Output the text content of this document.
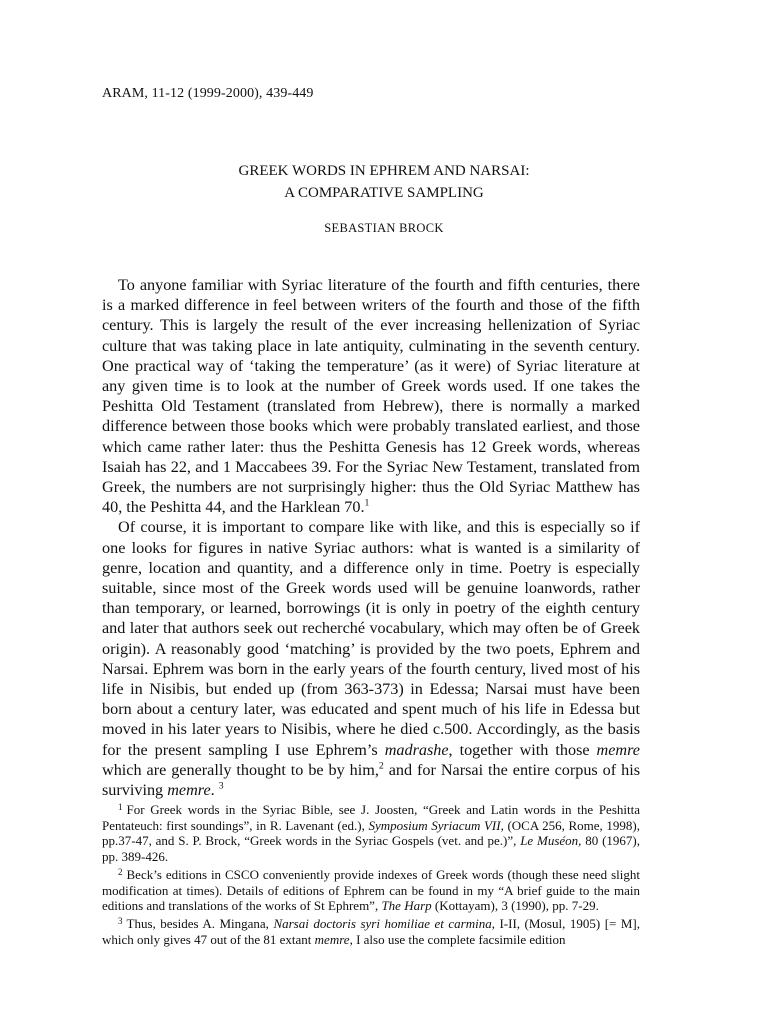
ARAM, 11-12 (1999-2000), 439-449
GREEK WORDS IN EPHREM AND NARSAI:
A COMPARATIVE SAMPLING
SEBASTIAN BROCK

To anyone familiar with Syriac literature of the fourth and fifth centuries, there is a marked difference in feel between writers of the fourth and those of the fifth century. This is largely the result of the ever increasing hellenization of Syriac culture that was taking place in late antiquity, culminating in the seventh century. One practical way of ‘taking the temperature’ (as it were) of Syriac literature at any given time is to look at the number of Greek words used. If one takes the Peshitta Old Testament (translated from Hebrew), there is normally a marked difference between those books which were probably translated earliest, and those which came rather later: thus the Peshitta Genesis has 12 Greek words, whereas Isaiah has 22, and 1 Maccabees 39. For the Syriac New Testament, translated from Greek, the numbers are not surprisingly higher: thus the Old Syriac Matthew has 40, the Peshitta 44, and the Harklean 70.$^1$

Of course, it is important to compare like with like, and this is especially so if one looks for figures in native Syriac authors: what is wanted is a similarity of genre, location and quantity, and a difference only in time. Poetry is especially suitable, since most of the Greek words used will be genuine loanwords, rather than temporary, or learned, borrowings (it is only in poetry of the eighth century and later that authors seek out recherché vocabulary, which may often be of Greek origin). A reasonably good ‘matching’ is provided by the two poets, Ephrem and Narsai. Ephrem was born in the early years of the fourth century, lived most of his life in Nisibis, but ended up (from 363-373) in Edessa; Narsai must have been born about a century later, was educated and spent much of his life in Edessa but moved in his later years to Nisibis, where he died c.500. Accordingly, as the basis for the present sampling I use Ephrem’s madrashe, together with those memre which are generally thought to be by him,$^2$ and for Narsai the entire corpus of his surviving memre. $^3$

$^1$ For Greek words in the Syriac Bible, see J. Joosten, “Greek and Latin words in the Peshitta Pentateuch: first soundings”, in R. Lavenant (ed.), Symposium Syriacum VII, (OCA 256, Rome, 1998), pp.37-47, and S. P. Brock, “Greek words in the Syriac Gospels (vet. and pe.)”, Le Muséon, 80 (1967), pp. 389-426.

$^2$ Beck’s editions in CSCO conveniently provide indexes of Greek words (though these need slight modification at times). Details of editions of Ephrem can be found in my “A brief guide to the main editions and translations of the works of St Ephrem”, The Harp (Kottayam), 3 (1990), pp. 7-29.

$^3$ Thus, besides A. Mingana, Narsai doctoris syri homiliae et carmina, I-II, (Mosul, 1905) [= M], which only gives 47 out of the 81 extant memre, I also use the complete facsimile edition
